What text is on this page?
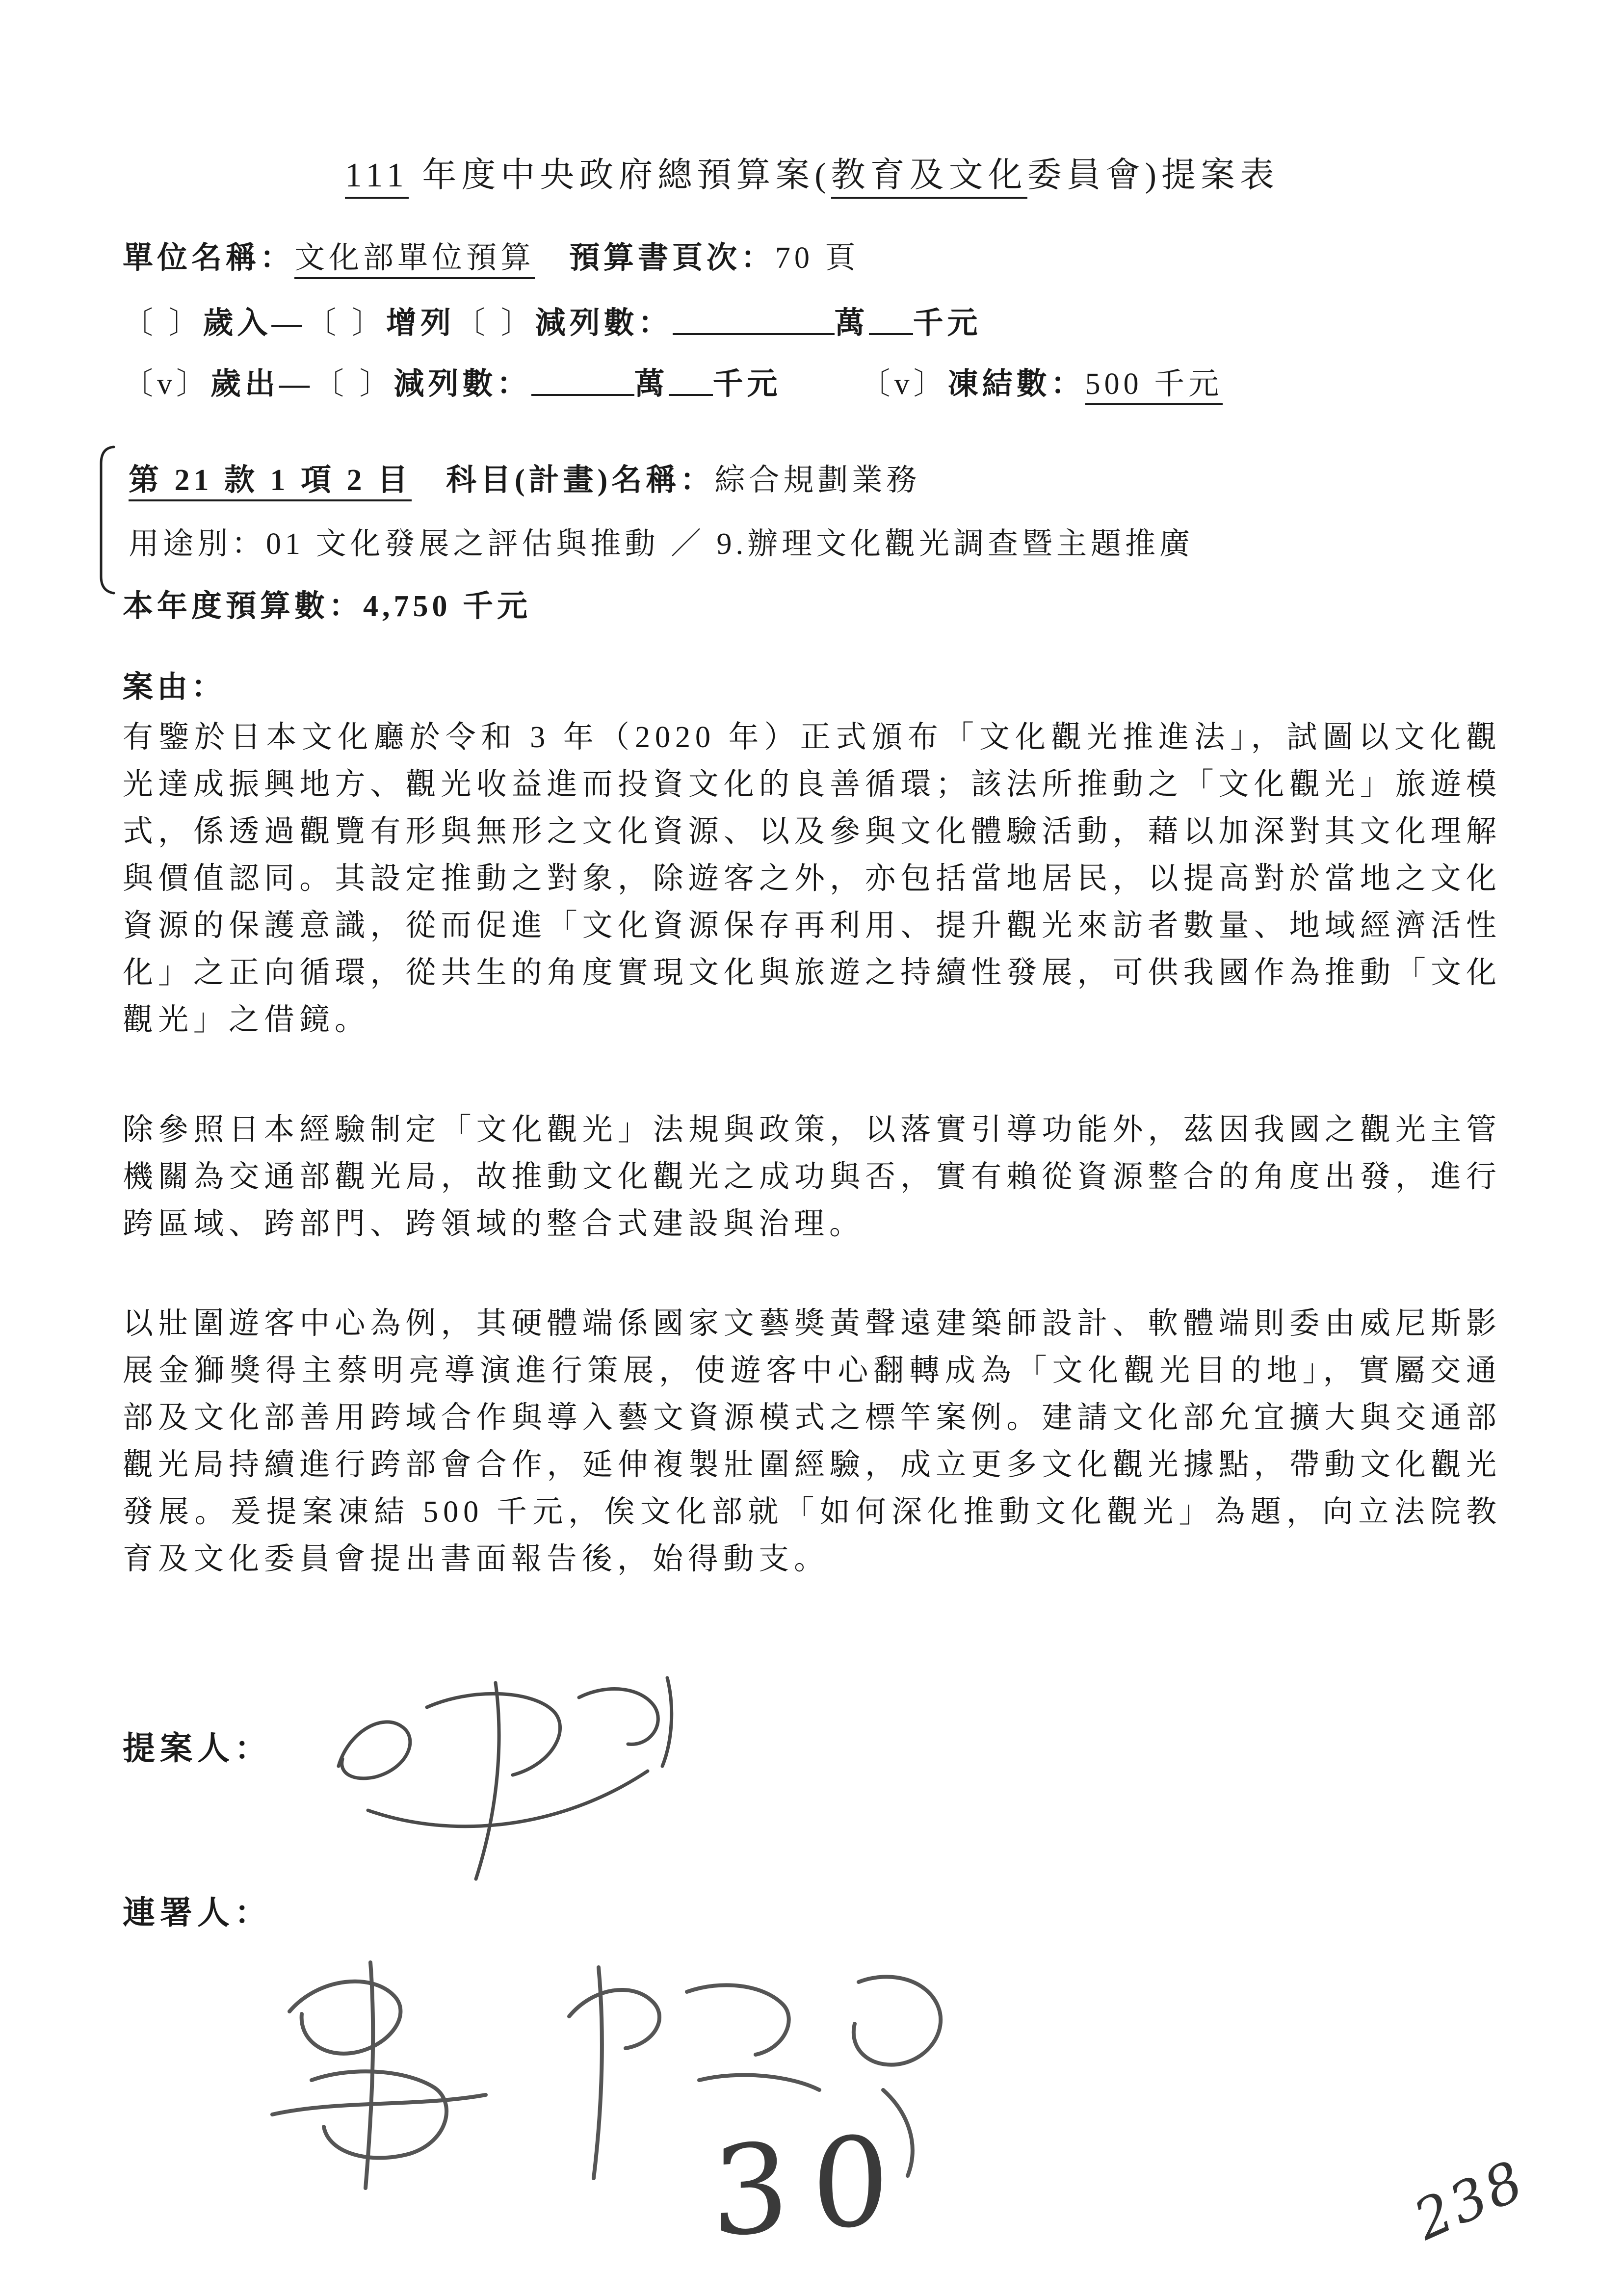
111 年度中央政府總預算案(教育及文化委員會)提案表
單位名稱：文化部單位預算 預算書頁次：70 頁
〔 〕歲入—〔 〕增列〔 〕減列數：	萬 千元
〔v〕歲出—〔 〕減列數：	萬 千元	〔v〕凍結數：500 千元
第 21 款 1 項 2 目 科目(計畫)名稱：綜合規劃業務
用途別：01 文化發展之評估與推動 ／ 9.辦理文化觀光調查暨主題推廣
本年度預算數：4,750 千元
案由：
有鑒於日本文化廳於令和 3 年（2020 年）正式頒布「文化觀光推進法」，試圖以文化觀光達成振興地方、觀光收益進而投資文化的良善循環；該法所推動之「文化觀光」旅遊模式，係透過觀覽有形與無形之文化資源、以及參與文化體驗活動，藉以加深對其文化理解與價值認同。其設定推動之對象，除遊客之外，亦包括當地居民，以提高對於當地之文化資源的保護意識，從而促進「文化資源保存再利用、提升觀光來訪者數量、地域經濟活性化」之正向循環，從共生的角度實現文化與旅遊之持續性發展，可供我國作為推動「文化觀光」之借鏡。
除參照日本經驗制定「文化觀光」法規與政策，以落實引導功能外，茲因我國之觀光主管機關為交通部觀光局，故推動文化觀光之成功與否，實有賴從資源整合的角度出發，進行跨區域、跨部門、跨領域的整合式建設與治理。
以壯圍遊客中心為例，其硬體端係國家文藝獎黃聲遠建築師設計、軟體端則委由威尼斯影展金獅獎得主蔡明亮導演進行策展，使遊客中心翻轉成為「文化觀光目的地」，實屬交通部及文化部善用跨域合作與導入藝文資源模式之標竿案例。建請文化部允宜擴大與交通部觀光局持續進行跨部會合作，延伸複製壯圍經驗，成立更多文化觀光據點，帶動文化觀光發展。爰提案凍結 500 千元，俟文化部就「如何深化推動文化觀光」為題，向立法院教育及文化委員會提出書面報告後，始得動支。
提案人：
連署人：
30	238
